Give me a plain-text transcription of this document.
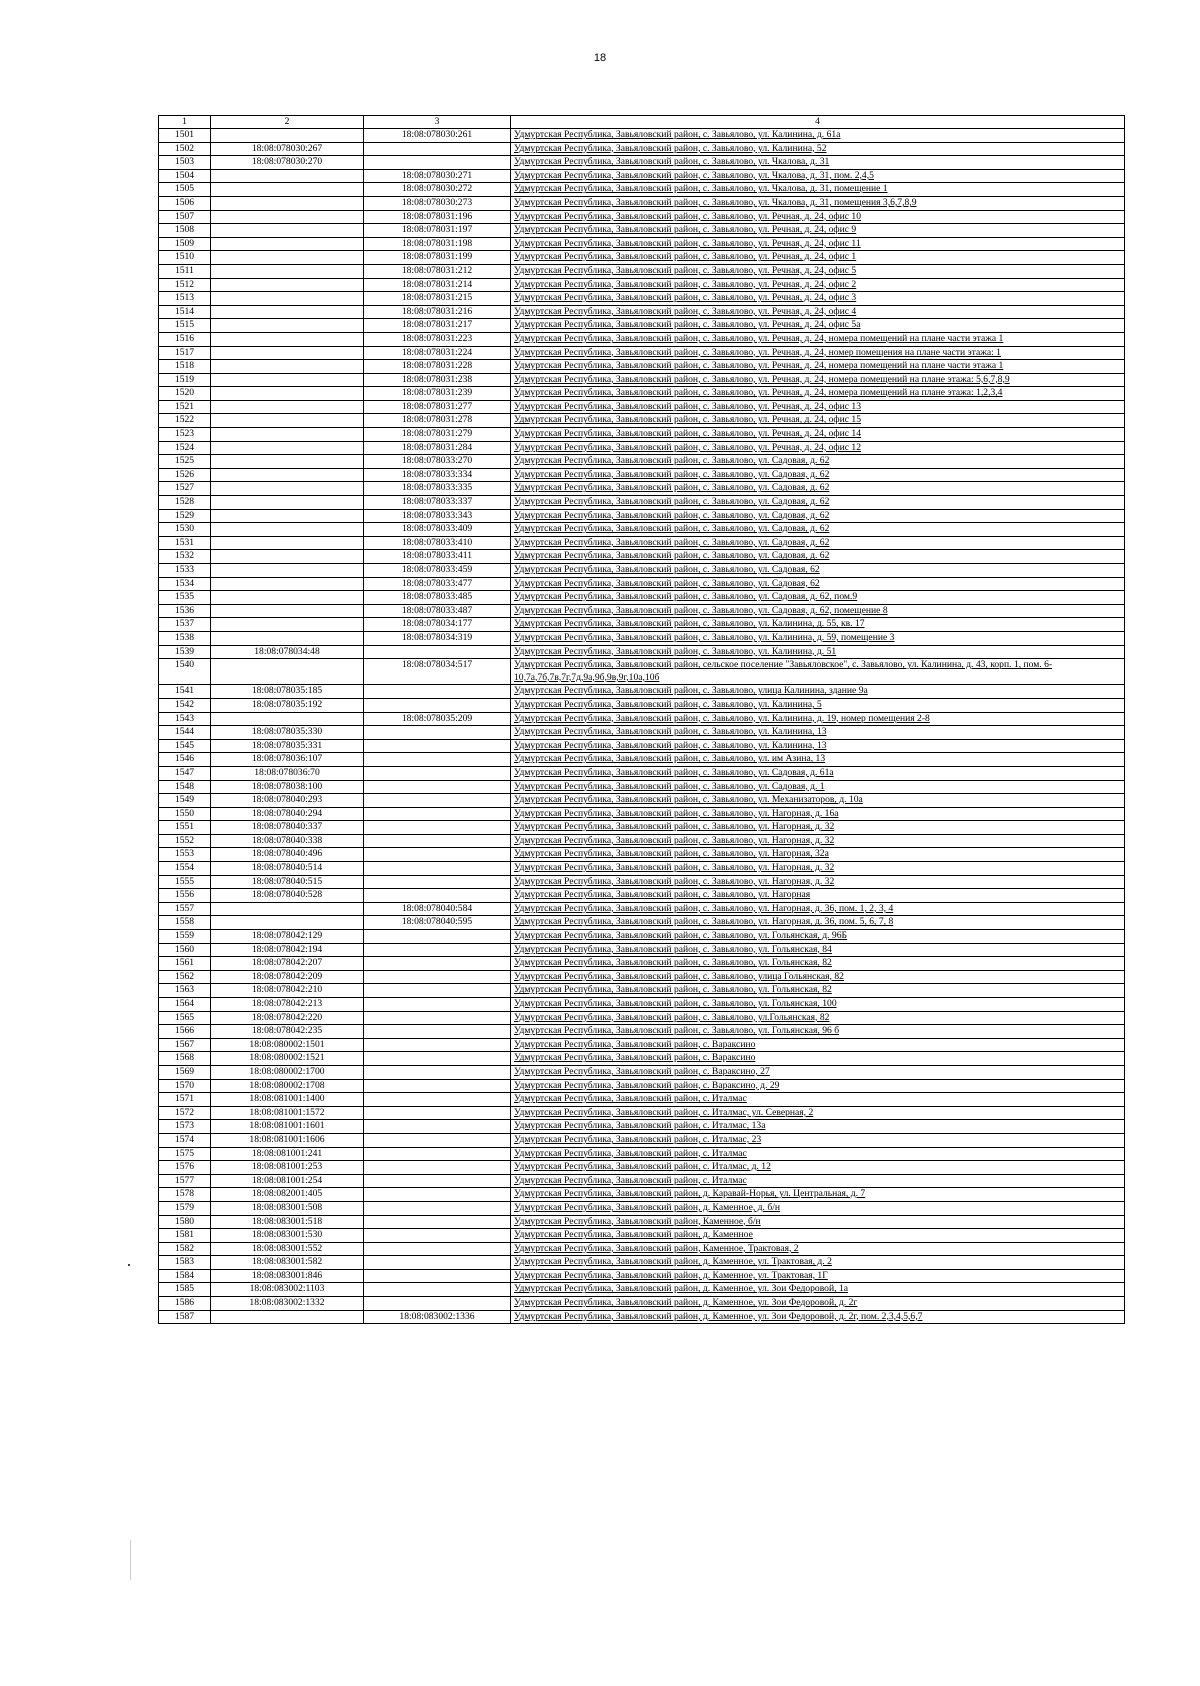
18
1	2	3	4
1501		18:08:078030:261	Удмуртская Республика, Завьяловский район, с. Завьялово, ул. Калинина, д. 61а
1502	18:08:078030:267		Удмуртская Республика, Завьяловский район, с. Завьялово, ул. Калинина, 52
1503	18:08:078030:270		Удмуртская Республика, Завьяловский район, с. Завьялово, ул. Чкалова, д. 31
1504		18:08:078030:271	Удмуртская Республика, Завьяловский район, с. Завьялово, ул. Чкалова, д. 31, пом. 2,4,5
1505		18:08:078030:272	Удмуртская Республика, Завьяловский район, с. Завьялово, ул. Чкалова, д. 31, помещение 1
1506		18:08:078030:273	Удмуртская Республика, Завьяловский район, с. Завьялово, ул. Чкалова, д. 31, помещения 3,6,7,8,9
1507		18:08:078031:196	Удмуртская Республика, Завьяловский район, с. Завьялово, ул. Речная, д. 24, офис 10
1508		18:08:078031:197	Удмуртская Республика, Завьяловский район, с. Завьялово, ул. Речная, д. 24, офис 9
1509		18:08:078031:198	Удмуртская Республика, Завьяловский район, с. Завьялово, ул. Речная, д. 24, офис 11
1510		18:08:078031:199	Удмуртская Республика, Завьяловский район, с. Завьялово, ул. Речная, д. 24, офис 1
1511		18:08:078031:212	Удмуртская Республика, Завьяловский район, с. Завьялово, ул. Речная, д. 24, офис 5
1512		18:08:078031:214	Удмуртская Республика, Завьяловский район, с. Завьялово, ул. Речная, д. 24, офис 2
1513		18:08:078031:215	Удмуртская Республика, Завьяловский район, с. Завьялово, ул. Речная, д. 24, офис 3
1514		18:08:078031:216	Удмуртская Республика, Завьяловский район, с. Завьялово, ул. Речная, д. 24, офис 4
1515		18:08:078031:217	Удмуртская Республика, Завьяловский район, с. Завьялово, ул. Речная, д. 24, офис 5а
1516		18:08:078031:223	Удмуртская Республика, Завьяловский район, с. Завьялово, ул. Речная, д. 24, номера помещений на плане части этажа 1
1517		18:08:078031:224	Удмуртская Республика, Завьяловский район, с. Завьялово, ул. Речная, д. 24, номер помещения на плане части этажа: 1
1518		18:08:078031:228	Удмуртская Республика, Завьяловский район, с. Завьялово, ул. Речная, д. 24, номера помещений на плане части этажа 1
1519		18:08:078031:238	Удмуртская Республика, Завьяловский район, с. Завьялово, ул. Речная, д. 24, номера помещений на плане этажа: 5,6,7,8,9
1520		18:08:078031:239	Удмуртская Республика, Завьяловский район, с. Завьялово, ул. Речная, д. 24, номера помещений на плане этажа: 1,2,3,4
1521		18:08:078031:277	Удмуртская Республика, Завьяловский район, с. Завьялово, ул. Речная, д. 24, офис 13
1522		18:08:078031:278	Удмуртская Республика, Завьяловский район, с. Завьялово, ул. Речная, д. 24, офис 15
1523		18:08:078031:279	Удмуртская Республика, Завьяловский район, с. Завьялово, ул. Речная, д. 24, офис 14
1524		18:08:078031:284	Удмуртская Республика, Завьяловский район, с. Завьялово, ул. Речная, д. 24, офис 12
1525		18:08:078033:270	Удмуртская Республика, Завьяловский район, с. Завьялово, ул. Садовая, д. 62
1526		18:08:078033:334	Удмуртская Республика, Завьяловский район, с. Завьялово, ул. Садовая, д. 62
1527		18:08:078033:335	Удмуртская Республика, Завьяловский район, с. Завьялово, ул. Садовая, д. 62
1528		18:08:078033:337	Удмуртская Республика, Завьяловский район, с. Завьялово, ул. Садовая, д. 62
1529		18:08:078033:343	Удмуртская Республика, Завьяловский район, с. Завьялово, ул. Садовая, д. 62
1530		18:08:078033:409	Удмуртская Республика, Завьяловский район, с. Завьялово, ул. Садовая, д. 62
1531		18:08:078033:410	Удмуртская Республика, Завьяловский район, с. Завьялово, ул. Садовая, д. 62
1532		18:08:078033:411	Удмуртская Республика, Завьяловский район, с. Завьялово, ул. Садовая, д. 62
1533		18:08:078033:459	Удмуртская Республика, Завьяловский район, с. Завьялово, ул. Садовая, 62
1534		18:08:078033:477	Удмуртская Республика, Завьяловский район, с. Завьялово, ул. Садовая, 62
1535		18:08:078033:485	Удмуртская Республика, Завьяловский район, с. Завьялово, ул. Садовая, д. 62, пом.9
1536		18:08:078033:487	Удмуртская Республика, Завьяловский район, с. Завьялово, ул. Садовая, д. 62, помещение 8
1537		18:08:078034:177	Удмуртская Республика, Завьяловский район, с. Завьялово, ул. Калинина, д. 55, кв. 17
1538		18:08:078034:319	Удмуртская Республика, Завьяловский район, с. Завьялово, ул. Калинина, д. 59, помещение 3
1539	18:08:078034:48		Удмуртская Республика, Завьяловский район, с. Завьялово, ул. Калинина, д. 51
1540		18:08:078034:517	Удмуртская Республика, Завьяловский район, сельское поселение "Завьяловское", с. Завьялово, ул. Калинина, д. 43, корп. 1, пом. 6-10,7а,7б,7в,7г,7д,9а,9б,9в,9г,10а,10б
1541	18:08:078035:185		Удмуртская Республика, Завьяловский район, с. Завьялово, улица Калинина, здание 9а
1542	18:08:078035:192		Удмуртская Республика, Завьяловский район, с. Завьялово, ул. Калинина, 5
1543		18:08:078035:209	Удмуртская Республика, Завьяловский район, с. Завьялово, ул. Калинина, д. 19, номер помещения 2-8
1544	18:08:078035:330		Удмуртская Республика, Завьяловский район, с. Завьялово, ул. Калинина, 13
1545	18:08:078035:331		Удмуртская Республика, Завьяловский район, с. Завьялово, ул. Калинина, 13
1546	18:08:078036:107		Удмуртская Республика, Завьяловский район, с. Завьялово, ул. им Азина, 13
1547	18:08:078036:70		Удмуртская Республика, Завьяловский район, с. Завьялово, ул. Садовая, д. 61а
1548	18:08:078038:100		Удмуртская Республика, Завьяловский район, с. Завьялово, ул. Садовая, д. 1
1549	18:08:078040:293		Удмуртская Республика, Завьяловский район, с. Завьялово, ул. Механизаторов, д. 10а
1550	18:08:078040:294		Удмуртская Республика, Завьяловский район, с. Завьялово, ул. Нагорная, д. 16а
1551	18:08:078040:337		Удмуртская Республика, Завьяловский район, с. Завьялово, ул. Нагорная, д. 32
1552	18:08:078040:338		Удмуртская Республика, Завьяловский район, с. Завьялово, ул. Нагорная, д. 32
1553	18:08:078040:496		Удмуртская Республика, Завьяловский район, с. Завьялово, ул. Нагорная, 32а
1554	18:08:078040:514		Удмуртская Республика, Завьяловский район, с. Завьялово, ул. Нагорная, д. 32
1555	18:08:078040:515		Удмуртская Республика, Завьяловский район, с. Завьялово, ул. Нагорная, д. 32
1556	18:08:078040:528		Удмуртская Республика, Завьяловский район, с. Завьялово, ул. Нагорная
1557		18:08:078040:584	Удмуртская Республика, Завьяловский район, с. Завьялово, ул. Нагорная, д. 36, пом. 1, 2, 3, 4
1558		18:08:078040:595	Удмуртская Республика, Завьяловский район, с. Завьялово, ул. Нагорная, д. 36, пом. 5, 6, 7, 8
1559	18:08:078042:129		Удмуртская Республика, Завьяловский район, с. Завьялово, ул. Гольянская, д. 96Б
1560	18:08:078042:194		Удмуртская Республика, Завьяловский район, с. Завьялово, ул. Гольянская, 84
1561	18:08:078042:207		Удмуртская Республика, Завьяловский район, с. Завьялово, ул. Гольянская, 82
1562	18:08:078042:209		Удмуртская Республика, Завьяловский район, с. Завьялово, улица Гольянская, 82
1563	18:08:078042:210		Удмуртская Республика, Завьяловский район, с. Завьялово, ул. Гольянская, 82
1564	18:08:078042:213		Удмуртская Республика, Завьяловский район, с. Завьялово, ул. Гольянская, 100
1565	18:08:078042:220		Удмуртская Республика, Завьяловский район, с. Завьялово, ул.Гольянская, 82
1566	18:08:078042:235		Удмуртская Республика, Завьяловский район, с. Завьялово, ул. Гольянская, 96 б
1567	18:08:080002:1501		Удмуртская Республика, Завьяловский район, с. Вараксино
1568	18:08:080002:1521		Удмуртская Республика, Завьяловский район, с. Вараксино
1569	18:08:080002:1700		Удмуртская Республика, Завьяловский район, с. Вараксино, 27
1570	18:08:080002:1708		Удмуртская Республика, Завьяловский район, с. Вараксино, д. 29
1571	18:08:081001:1400		Удмуртская Республика, Завьяловский район, с. Италмас
1572	18:08:081001:1572		Удмуртская Республика, Завьяловский район, с. Италмас, ул. Северная, 2
1573	18:08:081001:1601		Удмуртская Республика, Завьяловский район, с. Италмас, 13а
1574	18:08:081001:1606		Удмуртская Республика, Завьяловский район, с. Италмас, 23
1575	18:08:081001:241		Удмуртская Республика, Завьяловский район, с. Италмас
1576	18:08:081001:253		Удмуртская Республика, Завьяловский район, с. Италмас, д. 12
1577	18:08:081001:254		Удмуртская Республика, Завьяловский район, с. Италмас
1578	18:08:082001:405		Удмуртская Республика, Завьяловский район, д. Каравай-Норья, ул. Центральная, д. 7
1579	18:08:083001:508		Удмуртская Республика, Завьяловский район, д. Каменное, д. б/н
1580	18:08:083001:518		Удмуртская Республика, Завьяловский район, Каменное, б/н
1581	18:08:083001:530		Удмуртская Республика, Завьяловский район, д. Каменное
1582	18:08:083001:552		Удмуртская Республика, Завьяловский район, Каменное, Трактовая, 2
1583	18:08:083001:582		Удмуртская Республика, Завьяловский район, д. Каменное, ул. Трактовая, д. 2
1584	18:08:083001:846		Удмуртская Республика, Завьяловский район, д. Каменное, ул. Трактовая, 1Г
1585	18:08:083002:1103		Удмуртская Республика, Завьяловский район, д. Каменное, ул. Зои Федоровой, 1а
1586	18:08:083002:1332		Удмуртская Республика, Завьяловский район, д. Каменное, ул. Зои Федоровой, д. 2г
1587		18:08:083002:1336	Удмуртская Республика, Завьяловский район, д. Каменное, ул. Зои Федоровой, д. 2г, пом. 2,3,4,5,6,7
